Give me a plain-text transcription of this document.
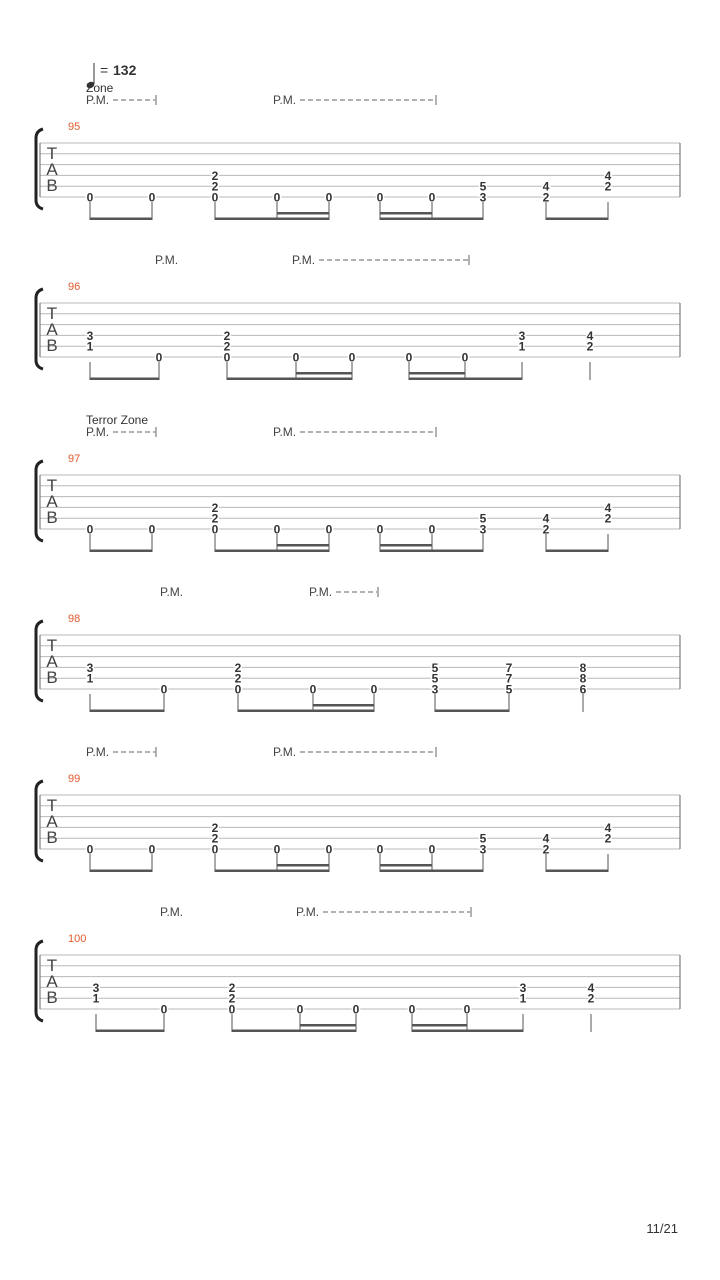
= 132
T
A
B
95
Zone
P.M.	P.M.
0	0
2
2
0	0	0	0	0
5
3
4
2
4
2
T
A
B
96
P.M.	P.M.
3
1
0
2
2
0	0	0	0	0
3
1
4
2
T
A
B
97
Terror Zone
P.M.	P.M.
0	0
2
2
0	0	0	0	0
5
3
4
2
4
2
T
A
B
98
P.M.	P.M.
3
1
0
2
2
0	0	0
5
5
3
7
7
5
8
8
6
T
A
B
99
P.M.	P.M.
0	0
2
2
0	0	0	0	0
5
3
4
2
4
2
T
A
B
100
P.M.	P.M.
3
1
0
2
2
0	0	0	0	0
3
1
4
2
11/21
